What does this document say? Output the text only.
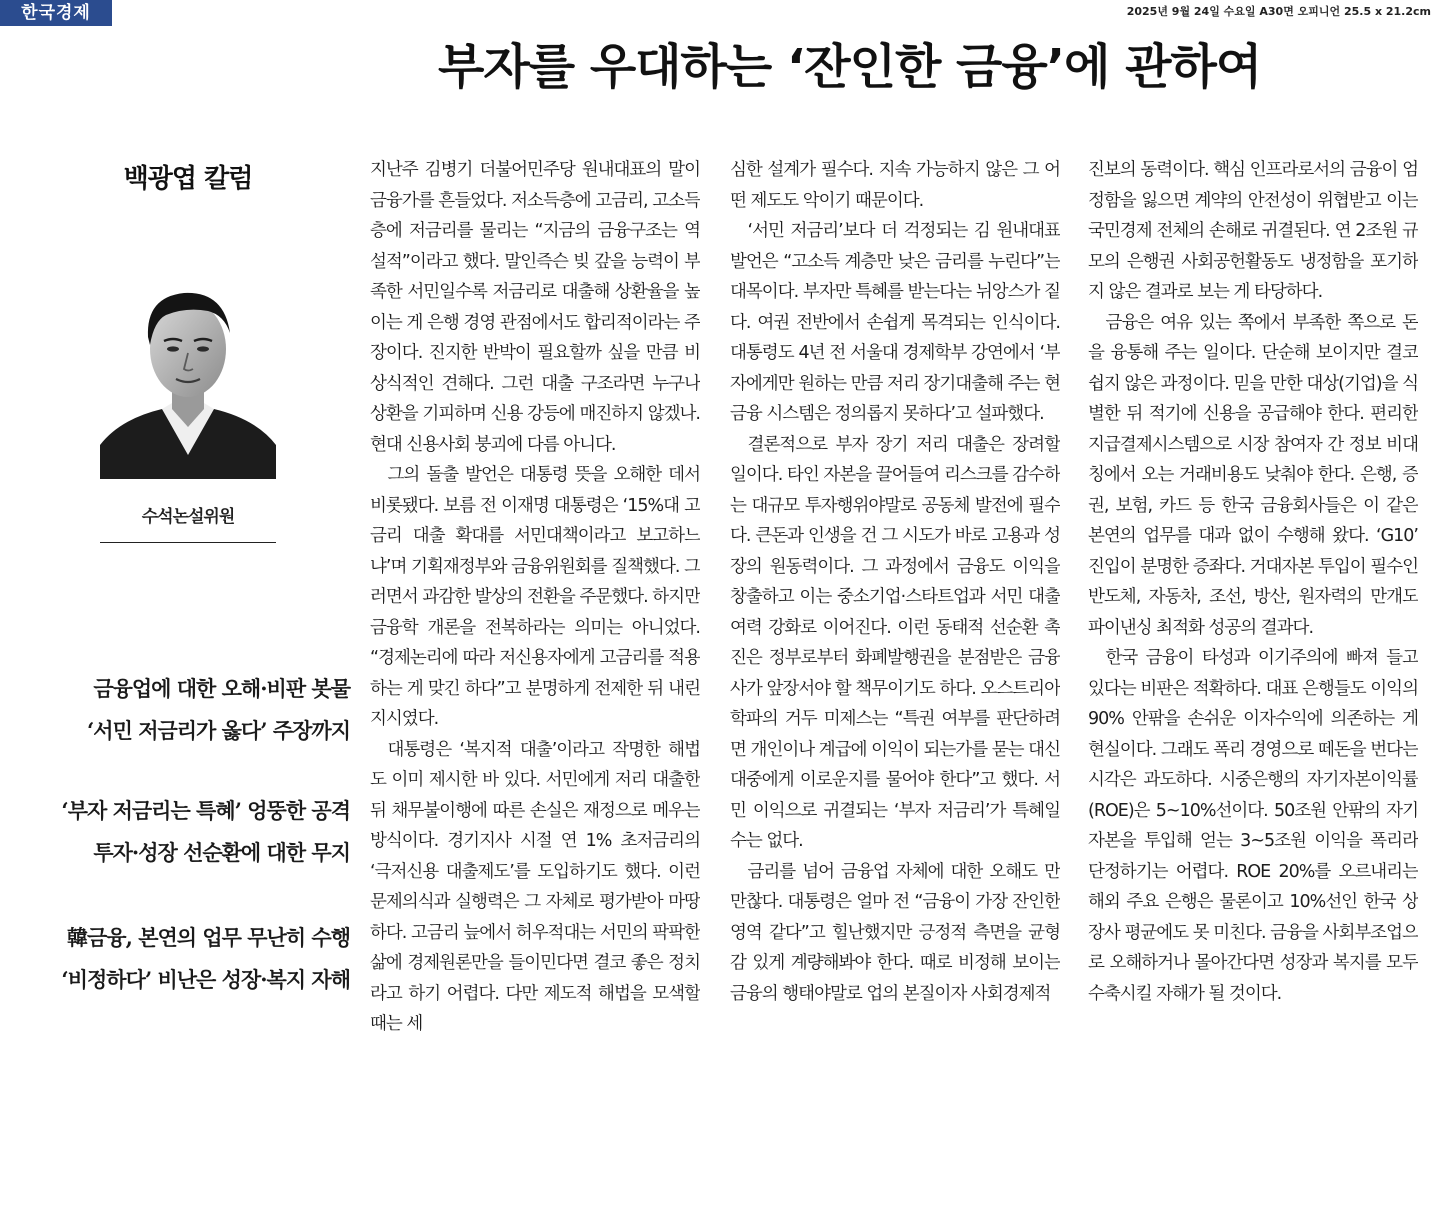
한국경제	2025년 9월 24일 수요일 A30면 오피니언 25.5 x 21.2cm
부자를 우대하는 ‘잔인한 금융’에 관하여
백광엽 칼럼
수석논설위원
금융업에 대한 오해·비판 봇물
‘서민 저금리가 옳다’ 주장까지
‘부자 저금리는 특혜’ 엉뚱한 공격
투자·성장 선순환에 대한 무지
韓금융, 본연의 업무 무난히 수행
‘비정하다’ 비난은 성장·복지 자해

지난주 김병기 더불어민주당 원내대표의 말이 금융가를 흔들었다. 저소득층에 고금리, 고소득층에 저금리를 물리는 “지금의 금융구조는 역설적”이라고 했다. 말인즉슨 빚 갚을 능력이 부족한 서민일수록 저금리로 대출해 상환율을 높이는 게 은행 경영 관점에서도 합리적이라는 주장이다. 진지한 반박이 필요할까 싶을 만큼 비상식적인 견해다. 그런 대출 구조라면 누구나 상환을 기피하며 신용 강등에 매진하지 않겠나. 현대 신용사회 붕괴에 다름 아니다.

그의 돌출 발언은 대통령 뜻을 오해한 데서 비롯됐다. 보름 전 이재명 대통령은 ‘15%대 고금리 대출 확대를 서민대책이라고 보고하느냐’며 기획재정부와 금융위원회를 질책했다. 그러면서 과감한 발상의 전환을 주문했다. 하지만 금융학 개론을 전복하라는 의미는 아니었다. “경제논리에 따라 저신용자에게 고금리를 적용하는 게 맞긴 하다”고 분명하게 전제한 뒤 내린 지시였다.

대통령은 ‘복지적 대출’이라고 작명한 해법도 이미 제시한 바 있다. 서민에게 저리 대출한 뒤 채무불이행에 따른 손실은 재정으로 메우는 방식이다. 경기지사 시절 연 1% 초저금리의 ‘극저신용 대출제도’를 도입하기도 했다. 이런 문제의식과 실행력은 그 자체로 평가받아 마땅하다. 고금리 늪에서 허우적대는 서민의 팍팍한 삶에 경제원론만을 들이민다면 결코 좋은 정치라고 하기 어렵다. 다만 제도적 해법을 모색할 때는 세

심한 설계가 필수다. 지속 가능하지 않은 그 어떤 제도도 악이기 때문이다.

‘서민 저금리’보다 더 걱정되는 김 원내대표 발언은 “고소득 계층만 낮은 금리를 누린다”는 대목이다. 부자만 특혜를 받는다는 뉘앙스가 짙다. 여권 전반에서 손쉽게 목격되는 인식이다. 대통령도 4년 전 서울대 경제학부 강연에서 ‘부자에게만 원하는 만큼 저리 장기대출해 주는 현 금융 시스템은 정의롭지 못하다’고 설파했다.

결론적으로 부자 장기 저리 대출은 장려할 일이다. 타인 자본을 끌어들여 리스크를 감수하는 대규모 투자행위야말로 공동체 발전에 필수다. 큰돈과 인생을 건 그 시도가 바로 고용과 성장의 원동력이다. 그 과정에서 금융도 이익을 창출하고 이는 중소기업·스타트업과 서민 대출 여력 강화로 이어진다. 이런 동태적 선순환 촉진은 정부로부터 화폐발행권을 분점받은 금융사가 앞장서야 할 책무이기도 하다. 오스트리아학파의 거두 미제스는 “특권 여부를 판단하려면 개인이나 계급에 이익이 되는가를 묻는 대신 대중에게 이로운지를 물어야 한다”고 했다. 서민 이익으로 귀결되는 ‘부자 저금리’가 특혜일 수는 없다.

금리를 넘어 금융업 자체에 대한 오해도 만만찮다. 대통령은 얼마 전 “금융이 가장 잔인한 영역 같다”고 힐난했지만 긍정적 측면을 균형감 있게 계량해봐야 한다. 때로 비정해 보이는 금융의 행태야말로 업의 본질이자 사회경제적

진보의 동력이다. 핵심 인프라로서의 금융이 엄정함을 잃으면 계약의 안전성이 위협받고 이는 국민경제 전체의 손해로 귀결된다. 연 2조원 규모의 은행권 사회공헌활동도 냉정함을 포기하지 않은 결과로 보는 게 타당하다.

금융은 여유 있는 쪽에서 부족한 쪽으로 돈을 융통해 주는 일이다. 단순해 보이지만 결코 쉽지 않은 과정이다. 믿을 만한 대상(기업)을 식별한 뒤 적기에 신용을 공급해야 한다. 편리한 지급결제시스템으로 시장 참여자 간 정보 비대칭에서 오는 거래비용도 낮춰야 한다. 은행, 증권, 보험, 카드 등 한국 금융회사들은 이 같은 본연의 업무를 대과 없이 수행해 왔다. ‘G10’ 진입이 분명한 증좌다. 거대자본 투입이 필수인 반도체, 자동차, 조선, 방산, 원자력의 만개도 파이낸싱 최적화 성공의 결과다.

한국 금융이 타성과 이기주의에 빠져 들고 있다는 비판은 적확하다. 대표 은행들도 이익의 90% 안팎을 손쉬운 이자수익에 의존하는 게 현실이다. 그래도 폭리 경영으로 떼돈을 번다는 시각은 과도하다. 시중은행의 자기자본이익률(ROE)은 5~10%선이다. 50조원 안팎의 자기자본을 투입해 얻는 3~5조원 이익을 폭리라 단정하기는 어렵다. ROE 20%를 오르내리는 해외 주요 은행은 물론이고 10%선인 한국 상장사 평균에도 못 미친다. 금융을 사회부조업으로 오해하거나 몰아간다면 성장과 복지를 모두 수축시킬 자해가 될 것이다.
